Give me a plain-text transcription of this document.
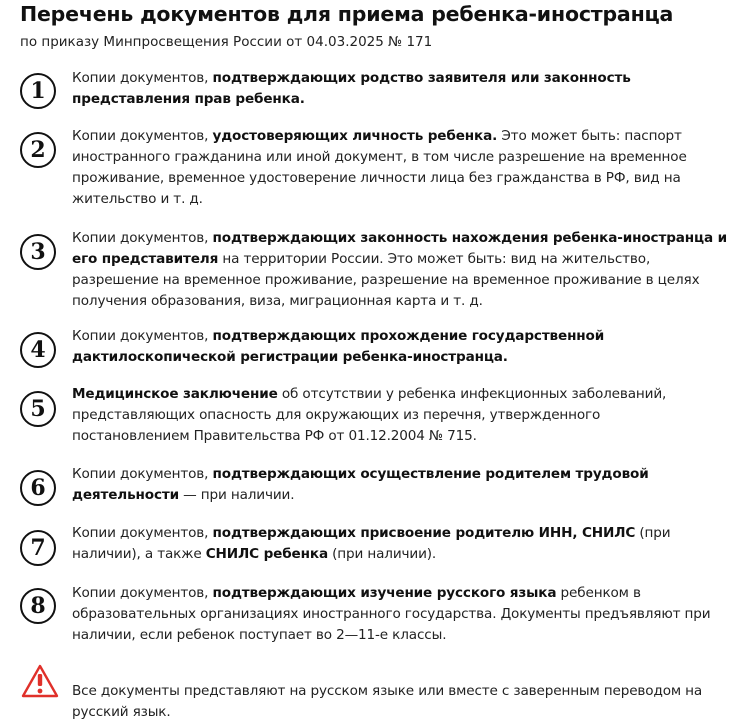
Перечень документов для приема ребенка-иностранца
по приказу Минпросвещения России от 04.03.2025 № 171
1	Копии документов, подтверждающих родство заявителя или законность
представления прав ребенка.
2
Копии документов, удостоверяющих личность ребенка. Это может быть: паспорт
иностранного гражданина или иной документ, в том числе разрешение на временное
проживание, временное удостоверение личности лица без гражданства в РФ, вид на
жительство и т. д.
3
Копии документов, подтверждающих законность нахождения ребенка-иностранца и
его представителя на территории России. Это может быть: вид на жительство,
разрешение на временное проживание, разрешение на временное проживание в целях
получения образования, виза, миграционная карта и т. д.
4
Копии документов, подтверждающих прохождение государственной
дактилоскопической регистрации ребенка-иностранца.
5
Медицинское заключение об отсутствии у ребенка инфекционных заболеваний,
представляющих опасность для окружающих из перечня, утвержденного
постановлением Правительства РФ от 01.12.2004 № 715.
6
Копии документов, подтверждающих осуществление родителем трудовой
деятельности — при наличии.
7
Копии документов, подтверждающих присвоение родителю ИНН, СНИЛС (при
наличии), а также СНИЛС ребенка (при наличии).
8	Копии документов, подтверждающих изучение русского языка ребенком в
образовательных организациях иностранного государства. Документы предъявляют при
наличии, если ребенок поступает во 2—11-е классы.
Все документы представляют на русском языке или вместе с заверенным переводом на
русский язык.
